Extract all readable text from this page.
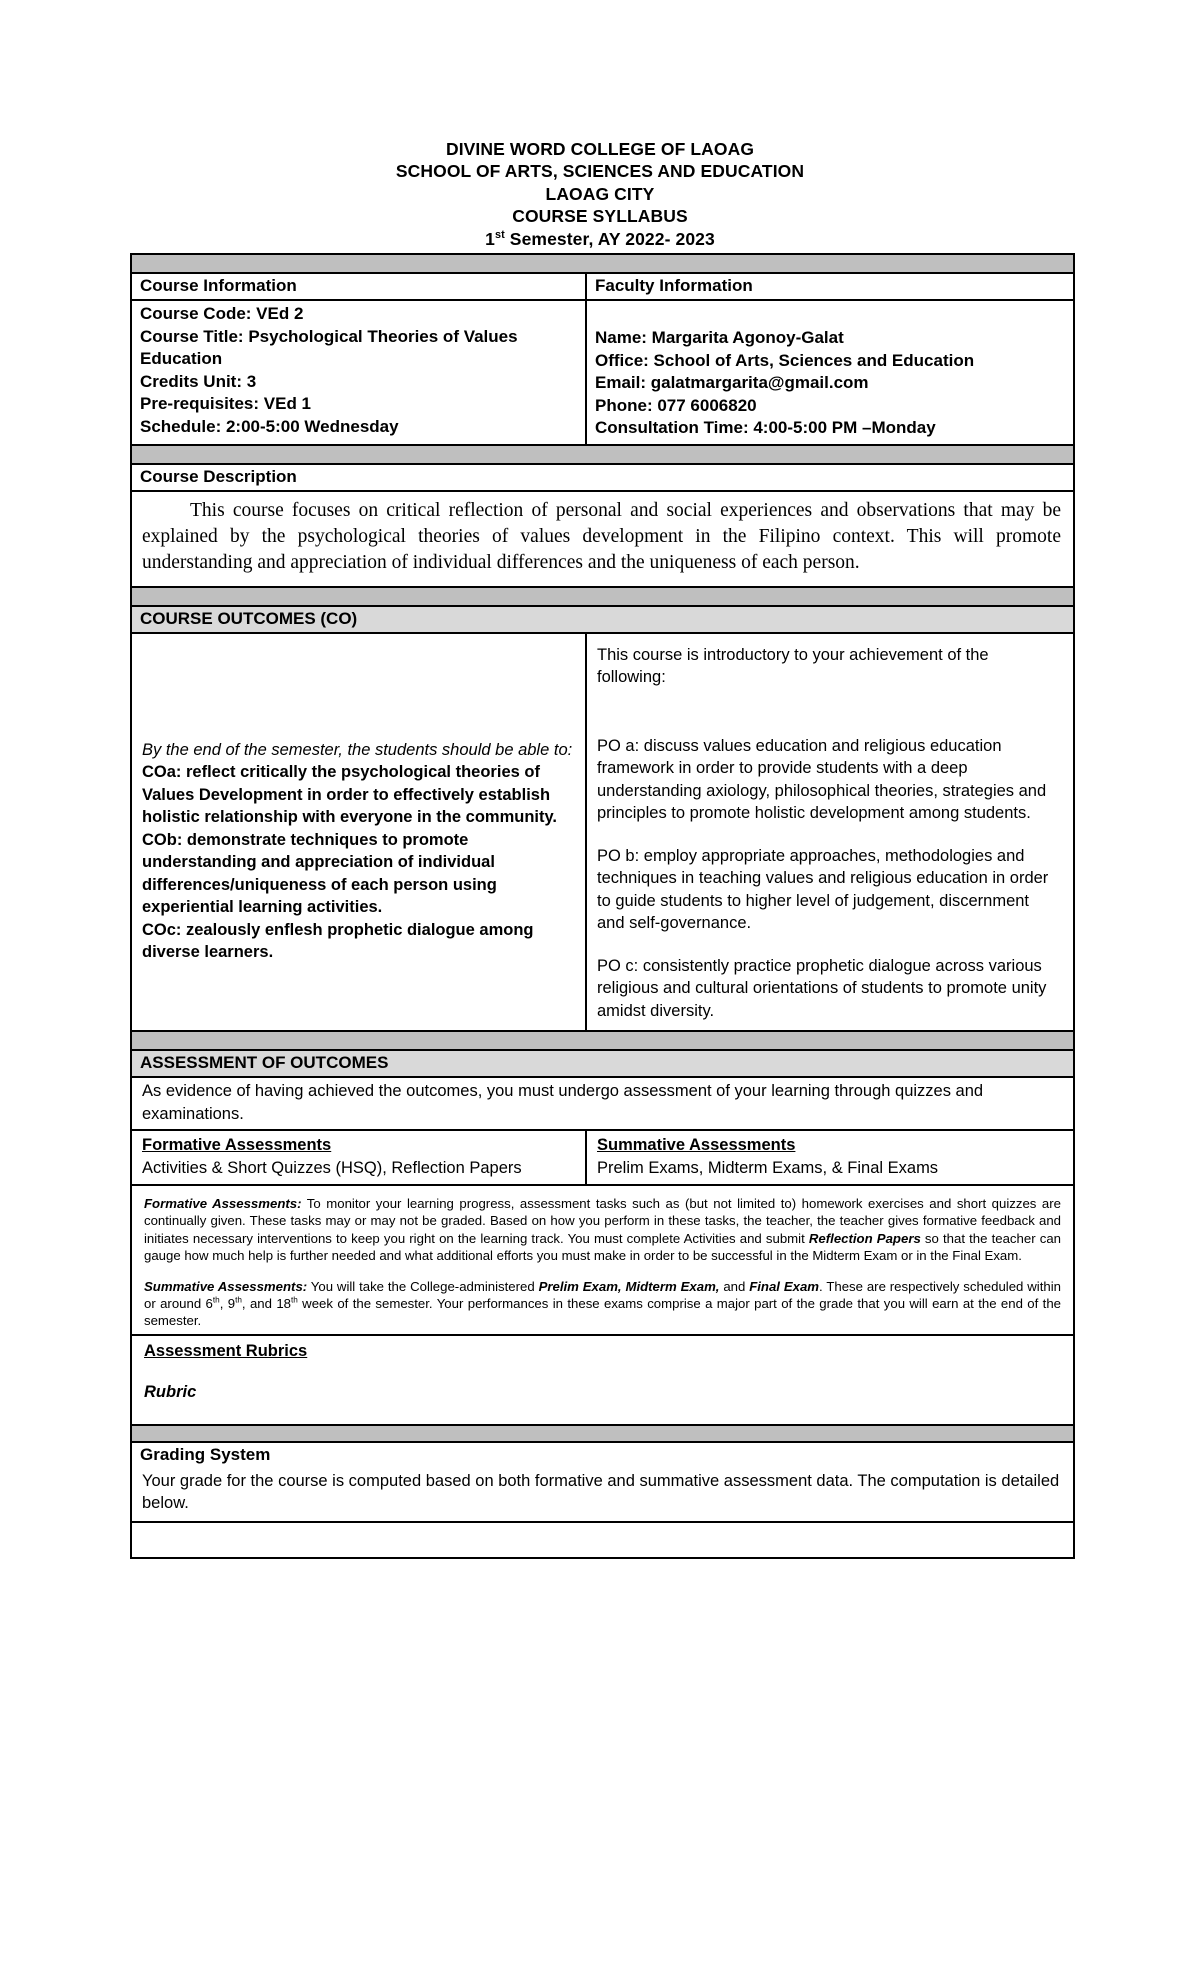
DIVINE WORD COLLEGE OF LAOAG
SCHOOL OF ARTS, SCIENCES AND EDUCATION
LAOAG CITY
COURSE SYLLABUS
1st Semester, AY 2022- 2023
Course Information	Faculty Information
Course Code: VEd 2
Course Title: Psychological Theories of Values Education
Credits Unit: 3
Pre-requisites: VEd 1
Schedule: 2:00-5:00 Wednesday
Name: Margarita Agonoy-Galat
Office: School of Arts, Sciences and Education
Email: galatmargarita@gmail.com
Phone: 077 6006820
Consultation Time: 4:00-5:00 PM –Monday
Course Description
This course focuses on critical reflection of personal and social experiences and observations that may be explained by the psychological theories of values development in the Filipino context. This will promote understanding and appreciation of individual differences and the uniqueness of each person.
COURSE OUTCOMES (CO)
By the end of the semester, the students should be able to:
COa: reflect critically the psychological theories of Values Development in order to effectively establish holistic relationship with everyone in the community.
COb: demonstrate techniques to promote understanding and appreciation of individual differences/uniqueness of each person using experiential learning activities.
COc: zealously enflesh prophetic dialogue among diverse learners.
This course is introductory to your achievement of the following:
PO a: discuss values education and religious education framework in order to provide students with a deep understanding axiology, philosophical theories, strategies and principles to promote holistic development among students.
PO b: employ appropriate approaches, methodologies and techniques in teaching values and religious education in order to guide students to higher level of judgement, discernment and self-governance.
PO c: consistently practice prophetic dialogue across various religious and cultural orientations of students to promote unity amidst diversity.
ASSESSMENT OF OUTCOMES
As evidence of having achieved the outcomes, you must undergo assessment of your learning through quizzes and examinations.
Formative Assessments
Activities & Short Quizzes (HSQ), Reflection Papers
Summative Assessments
Prelim Exams, Midterm Exams, & Final Exams

Formative Assessments: To monitor your learning progress, assessment tasks such as (but not limited to) homework exercises and short quizzes are continually given. These tasks may or may not be graded. Based on how you perform in these tasks, the teacher, the teacher gives formative feedback and initiates necessary interventions to keep you right on the learning track. You must complete Activities and submit Reflection Papers so that the teacher can gauge how much help is further needed and what additional efforts you must make in order to be successful in the Midterm Exam or in the Final Exam.

Summative Assessments: You will take the College-administered Prelim Exam, Midterm Exam, and Final Exam. These are respectively scheduled within or around 6th, 9th, and 18th week of the semester. Your performances in these exams comprise a major part of the grade that you will earn at the end of the semester.

Assessment Rubrics
Rubric
Grading System
Your grade for the course is computed based on both formative and summative assessment data. The computation is detailed below.
